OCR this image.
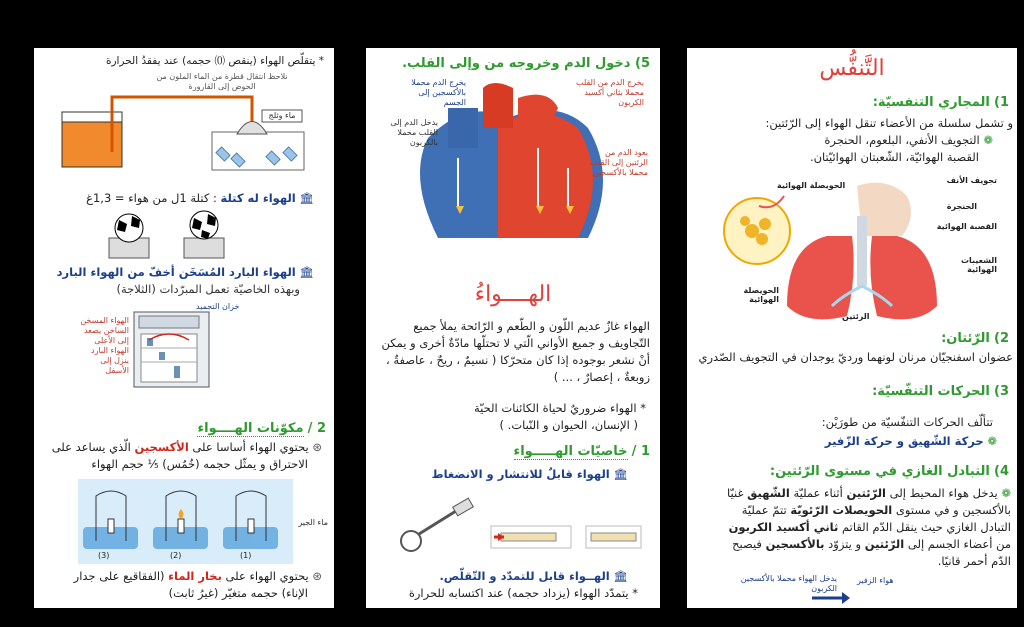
* يتقلّص الهواء (ينقص 🄞 حجمه) عند يفقدُ الحرارة
نلاحظ انتقال قطرة من الماء الملون من الحوض إلى القارورة
ماء وثلج
🏛 الهواء له كتلة : كتلة 1ل من هواء = 1,3غ
🏛 الهواء البارد المُسَخَن أخفّ من الهواء البارد
وبهذه الخاصيّة تعمل المبرّدات (الثلاجة)
خزان التجميد
الهواء المسخن
الساخن يصعد
إلى الأعلى
الهواء البارد
ينزل إلى
الأسفل
2 / مكوّنات الهــــواء
⊛ يحتوي الهواء أساسا على الأكسجين الّذي يساعد على
الاحتراق و يمثّل حجمه (خُمُس) ⅕ حجم الهواء
(3)	(2)	(1)
ماء الجير
⊛ يحتوي الهواء على بخار الماء (الفقاقيع على جدار
الإناء) حجمه متغيّر (غيرُ ثابت)
5) دخول الدم وخروجه من وإلى القلب.
يخرج الدم محملا بالأكسجين إلى الجسم
يدخل الدم إلى القلب محملا بالكربون
يخرج الدم من القلب محملا بثاني أكسيد الكربون
يعود الدم من الرئتين إلى القلب محملا بالأكسجين
الهــــواءُ
الهواء غازٌ عديم اللّون و الطّعم و الرّائحة يملأ جميع التّجاويف و جميع الأواني الّتي لا تحتلّها مادّةٌ أخرى و يمكن أنْ نشعر بوجوده إذا كان متحرّكا ( نسيمٌ ، ريحٌ ، عاصفةٌ ، زوبعةٌ ، إعصارٌ ، ... )
* الهواء ضروريٌ لحياة الكائنات الحيّة
( الإنسان، الحيوان و النّبات. )
1 / خاصيّات الهـــــواء
🏛 الهواء قابلٌ للانتشار و الانضغاط
🏛 الهــواء قابل للتمدّد و التّقلّص.
* يتمدّد الهواء (يزداد حجمه) عند اكتسابه للحرارة
التَّنفُّس
1) المجاري التنفسيّة:
و تشمل سلسلة من الأعضاء تنقل الهواء إلى الرّئتين:
❁ التجويف الأنفي، البلعوم، الحنجرة
القصبة الهوائيّة، الشّعبتان الهوائيّتان.
تجويف الأنف
الحويصلة الهوائية
الحنجرة
القصبة الهوائية
الشعيبات الهوائية
الحويصلة الهوائية
الرئتين
2) الرّئتان:
عضوان اسفنجيّان مرنان لونهما ورديّ يوجدان في التجويف الصّدري
3) الحركات التنفّسيّة:
تتألّف الحركات التنفّسيّة من طورَيْن:
❁ حركة الشّهيق و حركة الزّفير
4) التبادل الغازي في مستوى الرّئتين:
❁ يدخل هواء المحيط إلى الرّئتين أثناء عمليّة الشّهيق غنيّا
بالأكسجين و في مستوى الحويصلات الرّئويّة تتمّ عمليّة
التبادل الغازي حيث ينقل الدّم القاتم ثاني أكسيد الكربون
من أعضاء الجسم إلى الرّئتين و يتزوّد بالأكسجين فيصبح
الدّم أحمر قانيًا.
يدخل الهواء محملا بالأكسجين الكربون
هواء الزفير
